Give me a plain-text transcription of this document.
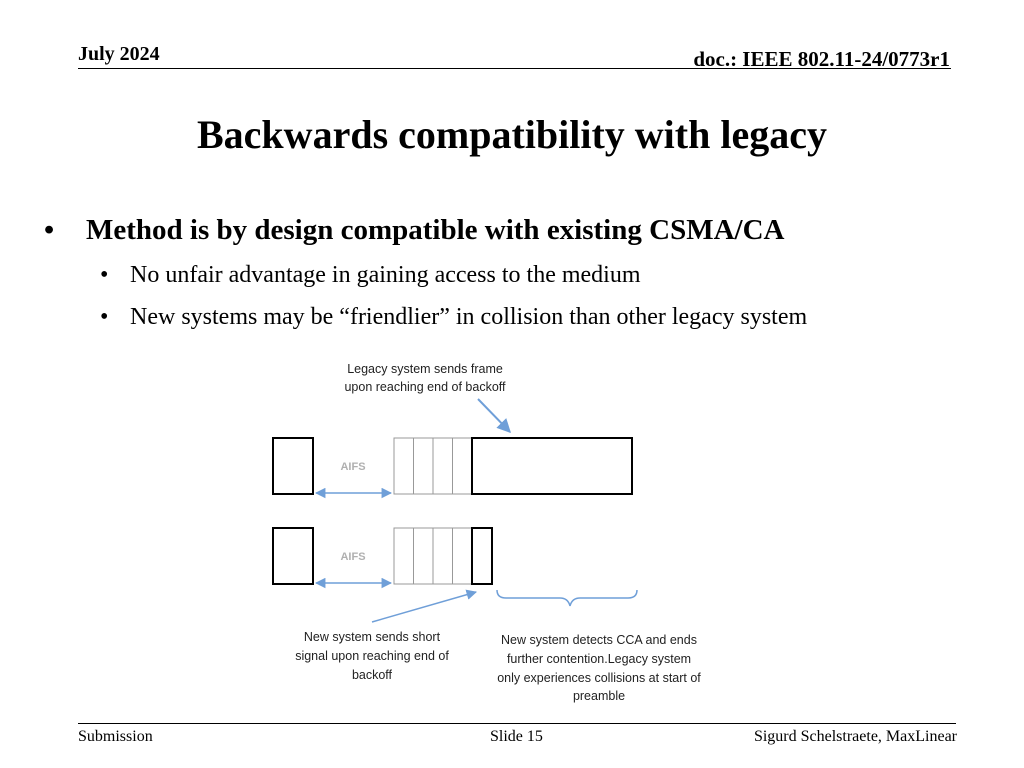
July 2024	doc.: IEEE 802.11-24/0773r1
Backwards compatibility with legacy
• Method is by design compatible with existing CSMA/CA
• No unfair advantage in gaining access to the medium
• New systems may be “friendlier” in collision than other legacy system
Legacy system sends frame
upon reaching end of backoff
AIFS
AIFS
New system sends short
signal upon reaching end of
backoff
New system detects CCA and ends
further contention.Legacy system
only experiences collisions at start of
preamble
Submission	Slide 15	Sigurd Schelstraete, MaxLinear
